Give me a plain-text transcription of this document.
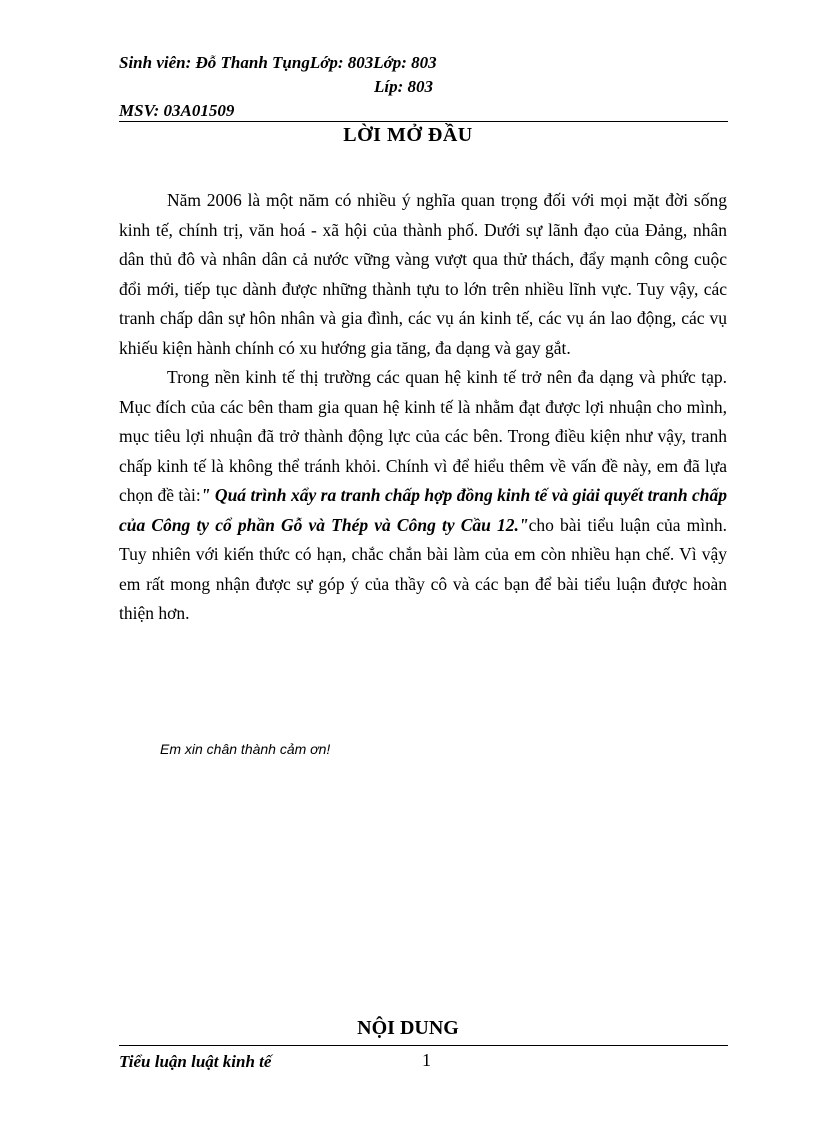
Sinh viên: Đỗ Thanh TụngLớp: 803Lớp: 803
Líp: 803
MSV: 03A01509
LỜI MỞ ĐẦU

Năm 2006 là một năm có nhiều ý nghĩa quan trọng đối với mọi mặt đời sống kinh tế, chính trị, văn hoá - xã hội của thành phố. Dưới sự lãnh đạo của Đảng, nhân dân thủ đô và nhân dân cả nước vững vàng vượt qua thử thách, đẩy mạnh công cuộc đổi mới, tiếp tục dành được những thành tựu to lớn trên nhiều lĩnh vực. Tuy vậy, các tranh chấp dân sự hôn nhân và gia đình, các vụ án kinh tế, các vụ án lao động, các vụ khiếu kiện hành chính có xu hướng gia tăng, đa dạng và gay gắt.

Trong nền kinh tế thị trường các quan hệ kinh tế trở nên đa dạng và phức tạp. Mục đích của các bên tham gia quan hệ kinh tế là nhằm đạt được lợi nhuận cho mình, mục tiêu lợi nhuận đã trở thành động lực của các bên. Trong điều kiện như vậy, tranh chấp kinh tế là không thể tránh khỏi. Chính vì để hiểu thêm về vấn đề này, em đã lựa chọn đề tài:" Quá trình xẩy ra tranh chấp hợp đồng kinh tế và giải quyết tranh chấp của Công ty cổ phần Gỗ và Thép và Công ty Cầu 12."cho bài tiểu luận của mình. Tuy nhiên với kiến thức có hạn, chắc chắn bài làm của em còn nhiều hạn chế. Vì vậy em rất mong nhận được sự góp ý của thầy cô và các bạn để bài tiểu luận được hoàn thiện hơn.

Em xin chân thành cảm ơn!
NỘI DUNG
Tiểu luận luật kinh tế	1
